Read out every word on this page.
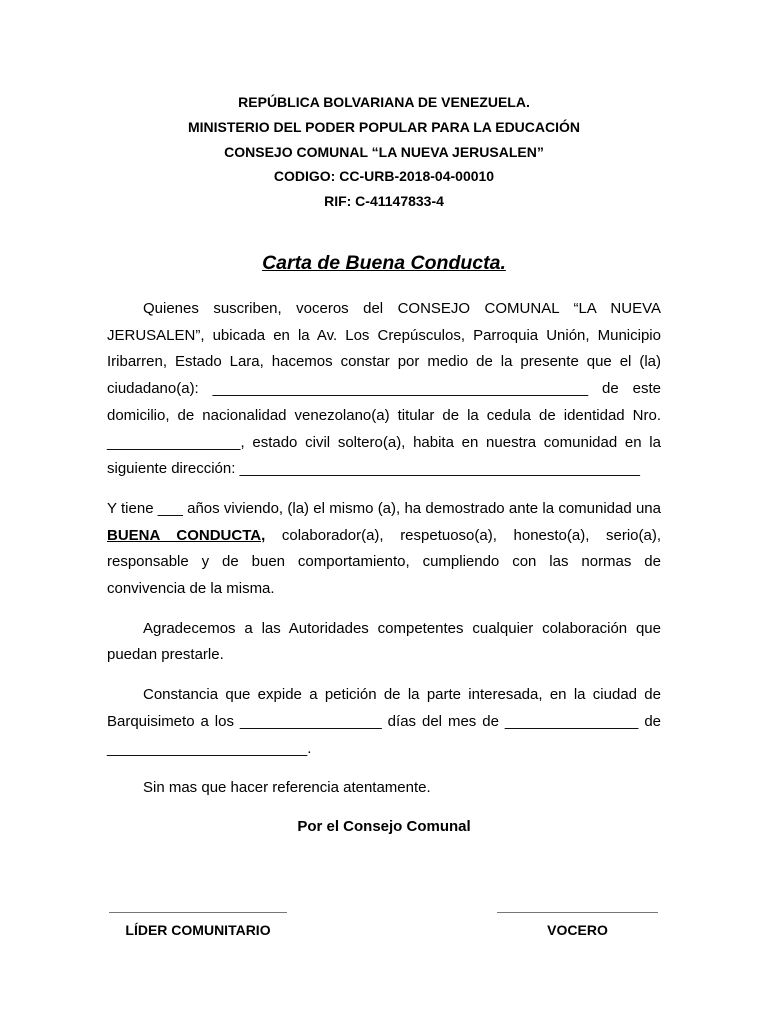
REPÚBLICA BOLVARIANA DE VENEZUELA.
MINISTERIO DEL PODER POPULAR PARA LA EDUCACIÓN
CONSEJO COMUNAL “LA NUEVA JERUSALEN”
CODIGO: CC-URB-2018-04-00010
RIF: C-41147833-4
Carta de Buena Conducta.

Quienes suscriben, voceros del CONSEJO COMUNAL “LA NUEVA JERUSALEN”, ubicada en la Av. Los Crepúsculos, Parroquia Unión, Municipio Iribarren, Estado Lara, hacemos constar por medio de la presente que el (la) ciudadano(a): _____________________________________________ de este domicilio, de nacionalidad venezolano(a) titular de la cedula de identidad Nro. ________________, estado civil soltero(a), habita en nuestra comunidad en la siguiente dirección: ________________________________________________

Y tiene ___ años viviendo, (la) el mismo (a), ha demostrado ante la comunidad una BUENA CONDUCTA, colaborador(a), respetuoso(a), honesto(a), serio(a), responsable y de buen comportamiento, cumpliendo con las normas de convivencia de la misma.

Agradecemos a las Autoridades competentes cualquier colaboración que puedan prestarle.

Constancia que expide a petición de la parte interesada, en la ciudad de Barquisimeto a los _________________ días del mes de ________________ de ________________________.

Sin mas que hacer referencia atentamente.

Por el Consejo Comunal
LÍDER COMUNITARIO	VOCERO
